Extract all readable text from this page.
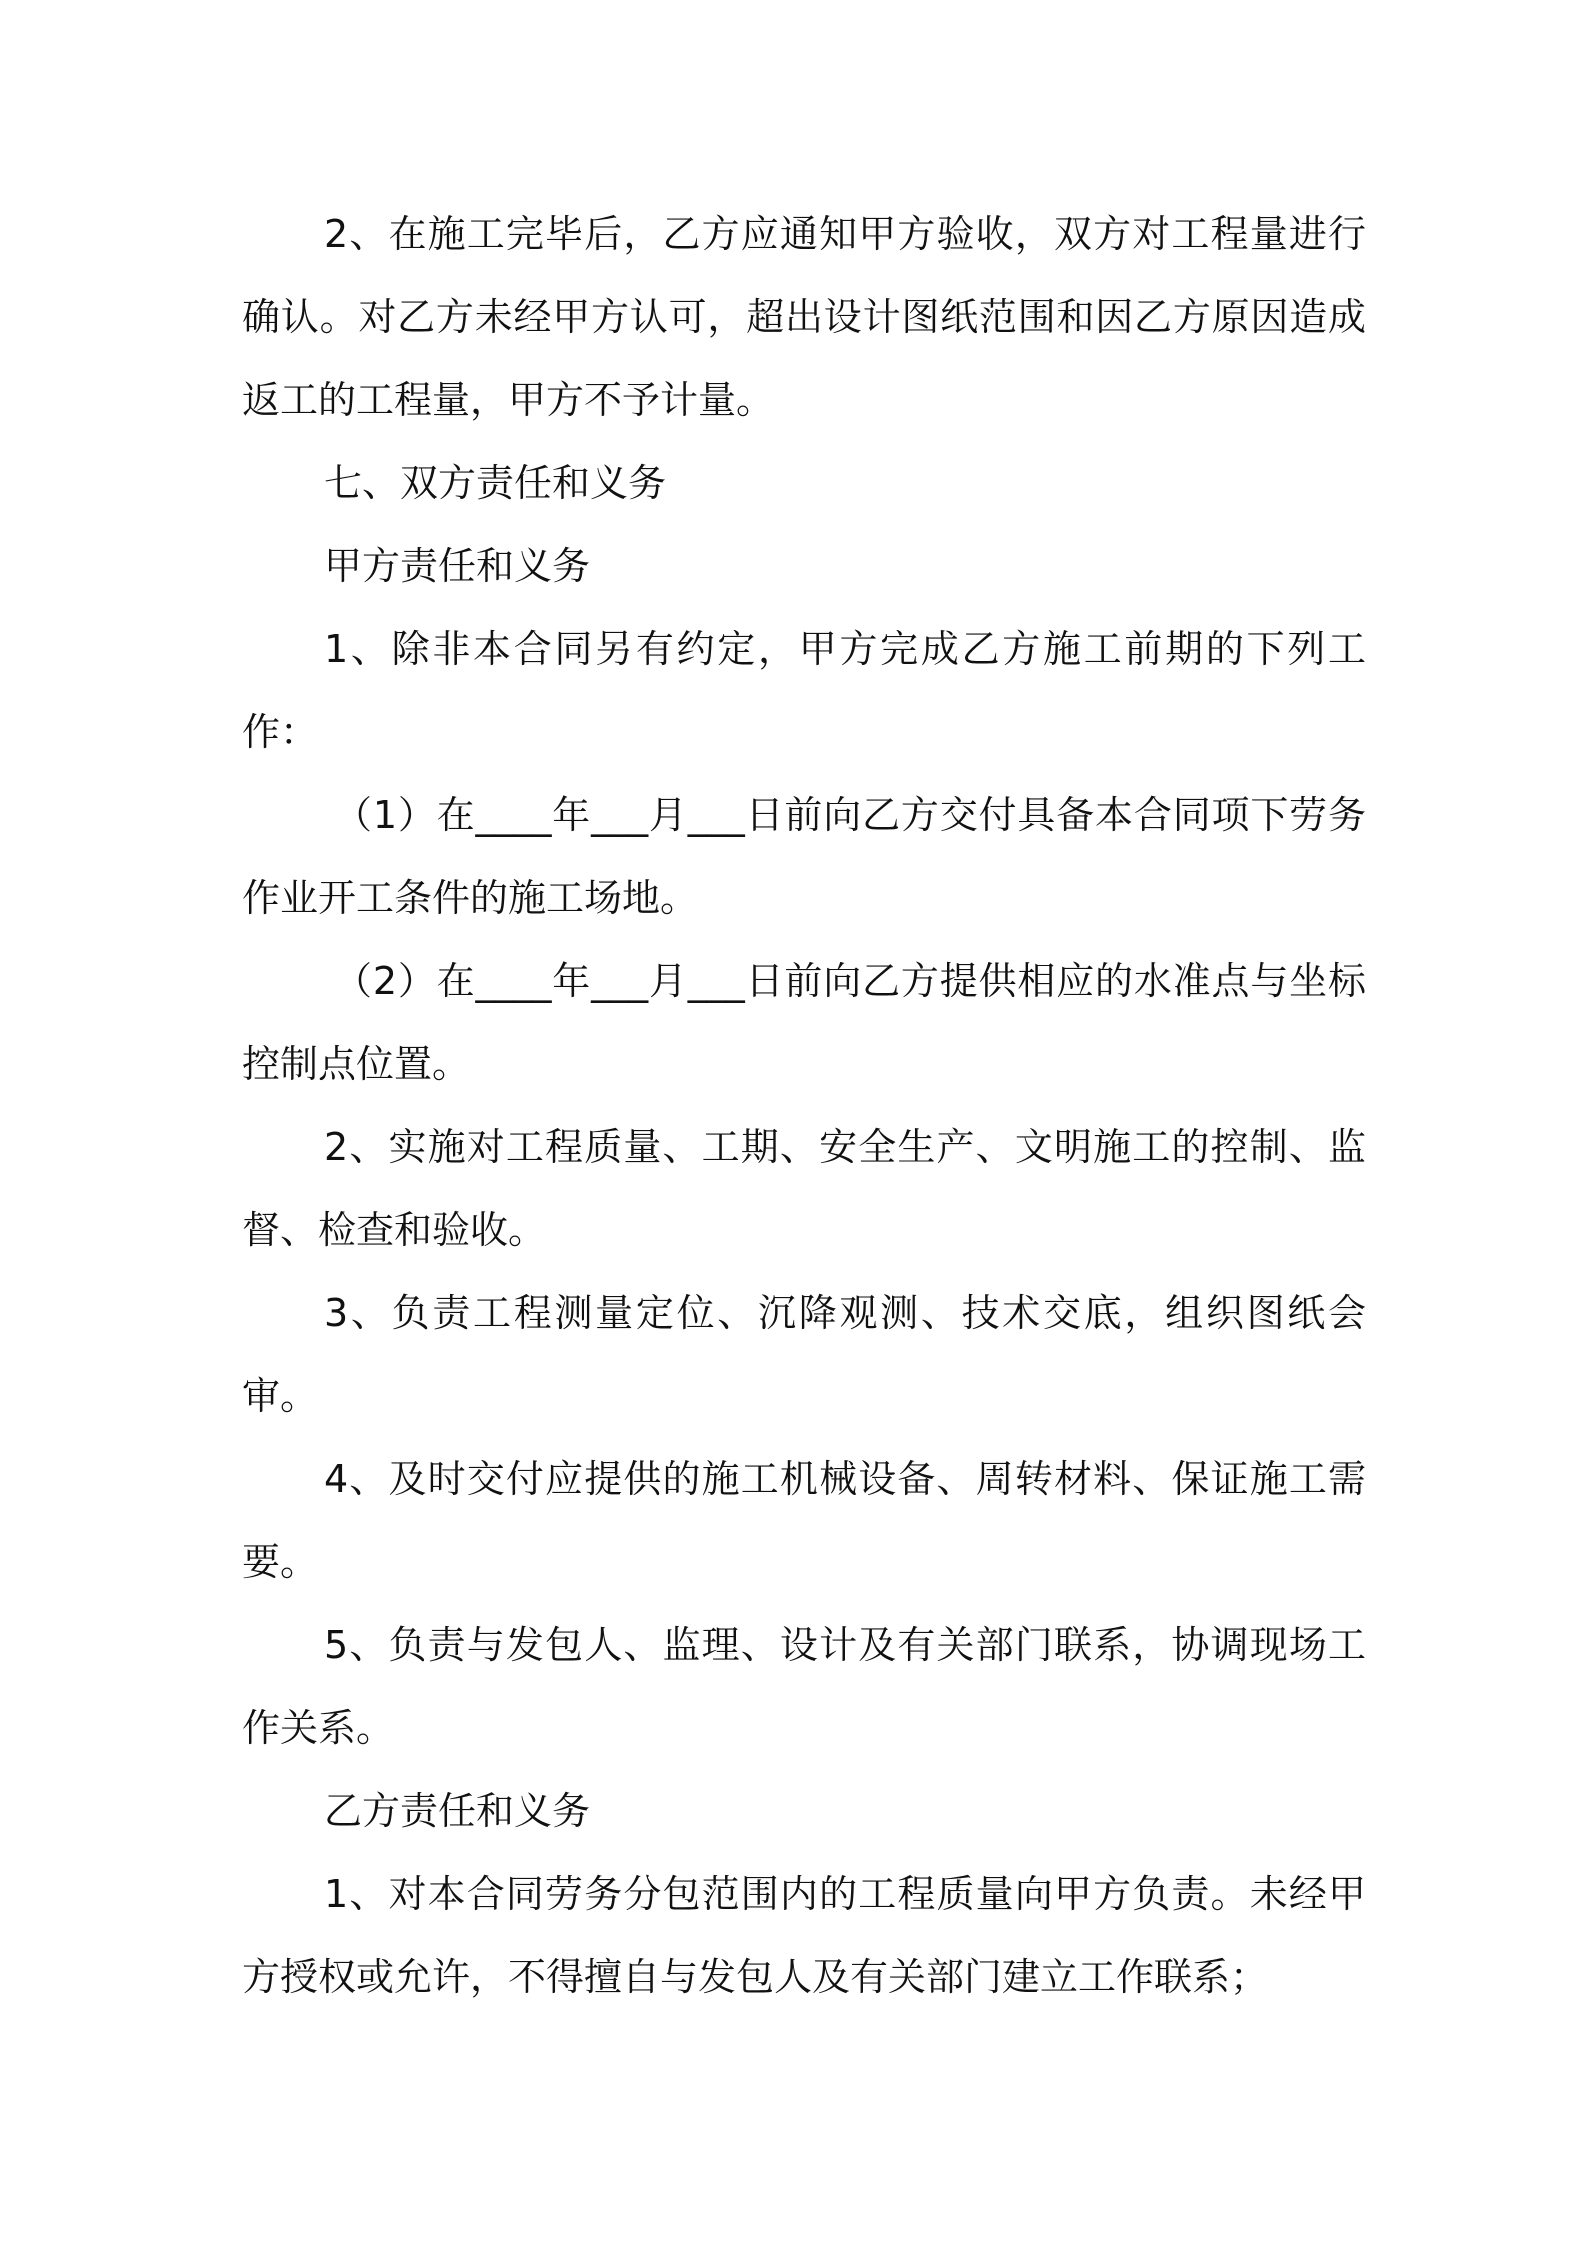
2、在施工完毕后，乙方应通知甲方验收，双方对工程量进行确认。对乙方未经甲方认可，超出设计图纸范围和因乙方原因造成返工的工程量，甲方不予计量。

七、双方责任和义务

甲方责任和义务

1、除非本合同另有约定，甲方完成乙方施工前期的下列工作：

（1）在____年___月___日前向乙方交付具备本合同项下劳务作业开工条件的施工场地。

（2）在____年___月___日前向乙方提供相应的水准点与坐标控制点位置。

2、实施对工程质量、工期、安全生产、文明施工的控制、监督、检查和验收。

3、负责工程测量定位、沉降观测、技术交底，组织图纸会审。

4、及时交付应提供的施工机械设备、周转材料、保证施工需要。

5、负责与发包人、监理、设计及有关部门联系，协调现场工作关系。

乙方责任和义务

1、对本合同劳务分包范围内的工程质量向甲方负责。未经甲方授权或允许，不得擅自与发包人及有关部门建立工作联系；
